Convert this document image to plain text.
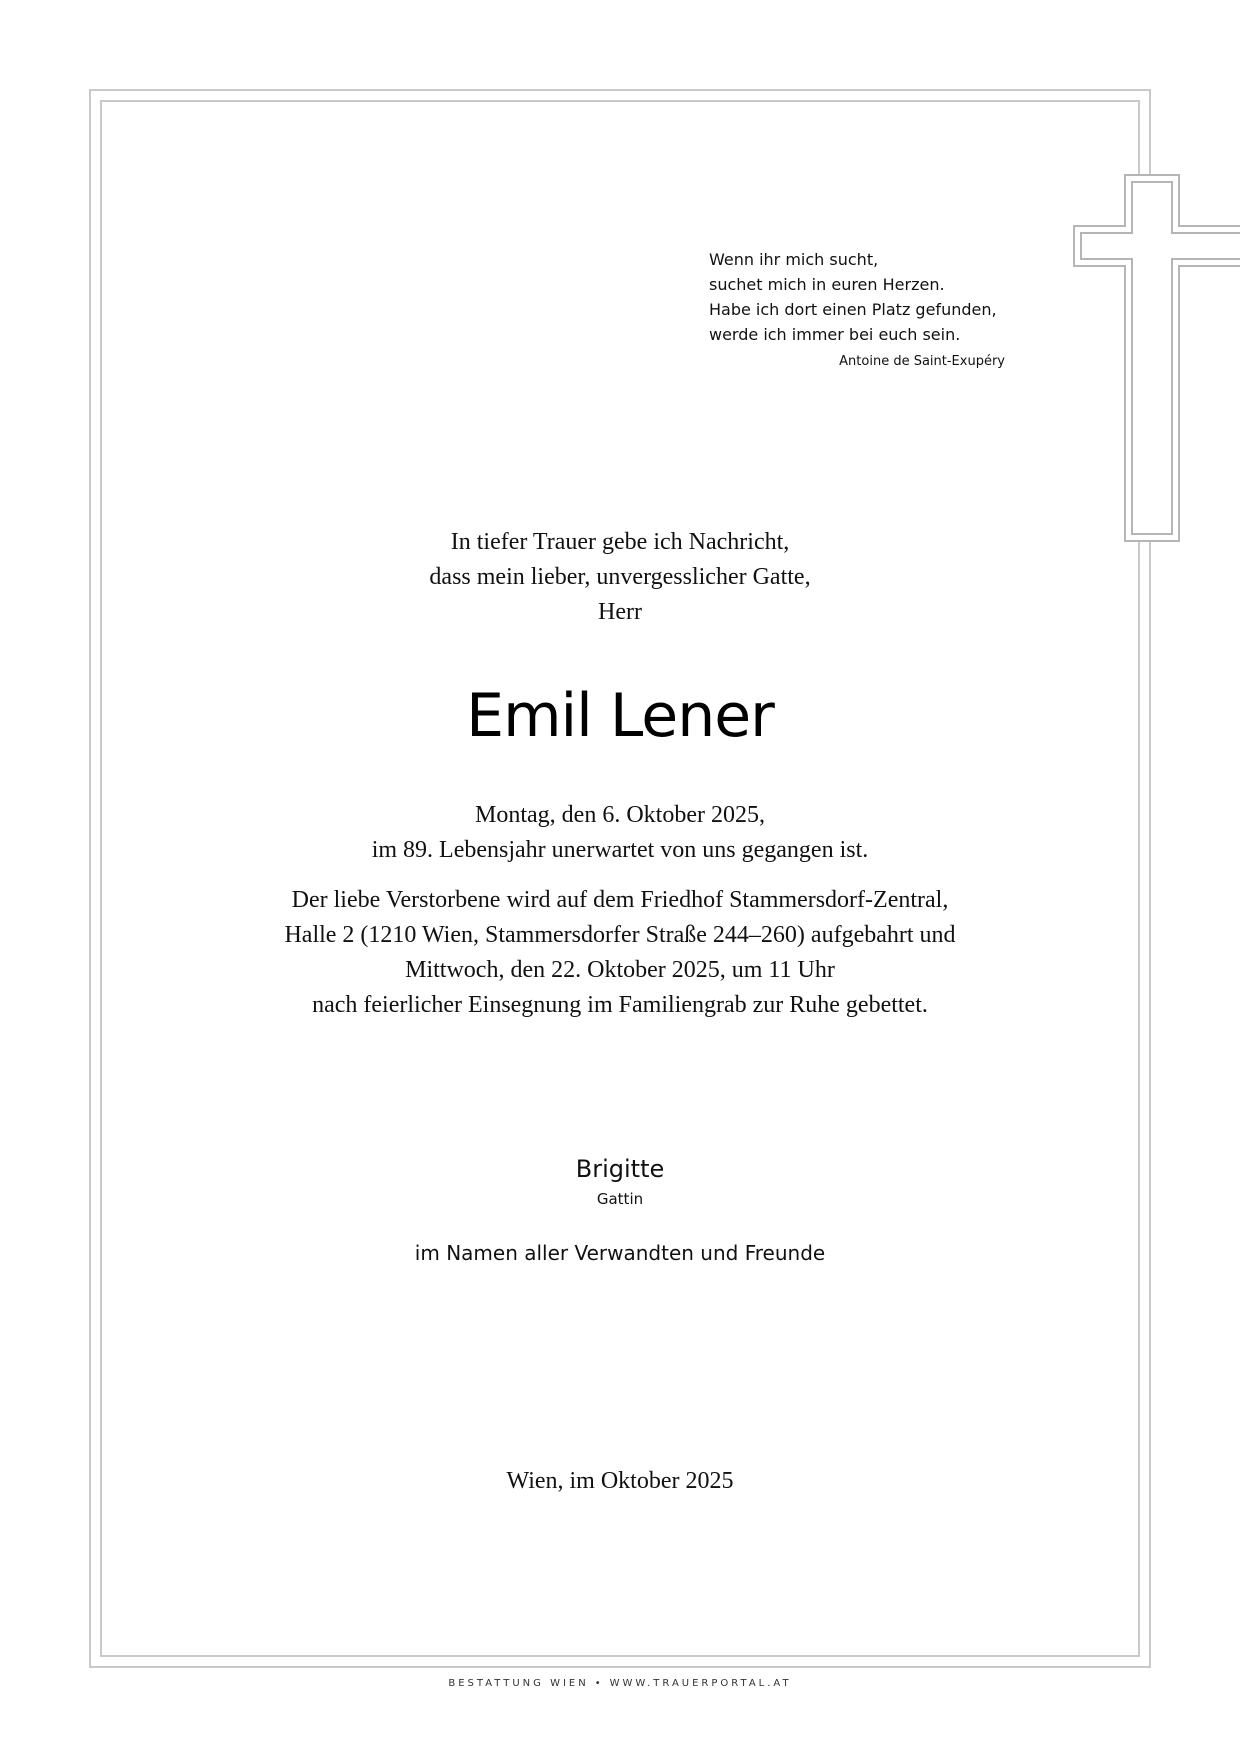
Wenn ihr mich sucht,
suchet mich in euren Herzen.
Habe ich dort einen Platz gefunden,
werde ich immer bei euch sein.
Antoine de Saint-Exupéry
In tiefer Trauer gebe ich Nachricht,
dass mein lieber, unvergesslicher Gatte,
Herr
Emil Lener
Montag, den 6. Oktober 2025,
im 89. Lebensjahr unerwartet von uns gegangen ist.
Der liebe Verstorbene wird auf dem Friedhof Stammersdorf-Zentral,
Halle 2 (1210 Wien, Stammersdorfer Straße 244–260) aufgebahrt und
Mittwoch, den 22. Oktober 2025, um 11 Uhr
nach feierlicher Einsegnung im Familiengrab zur Ruhe gebettet.
Brigitte
Gattin
im Namen aller Verwandten und Freunde
Wien, im Oktober 2025
BESTATTUNG WIEN • WWW.TRAUERPORTAL.AT
